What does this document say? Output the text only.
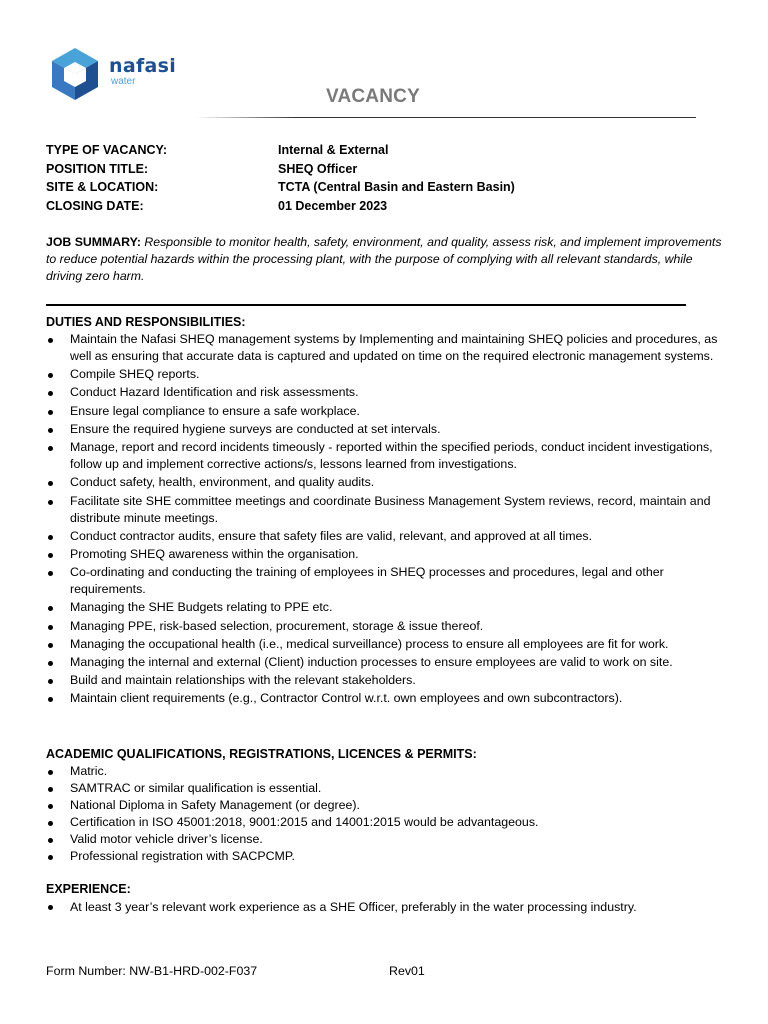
nafasi
water
VACANCY
TYPE OF VACANCY:	Internal & External
POSITION TITLE:	SHEQ Officer
SITE & LOCATION:	TCTA (Central Basin and Eastern Basin)
CLOSING DATE:	01 December 2023
JOB SUMMARY: Responsible to monitor health, safety, environment, and quality, assess risk, and implement improvements to reduce potential hazards within the processing plant, with the purpose of complying with all relevant standards, while driving zero harm.
DUTIES AND RESPONSIBILITIES:
Maintain the Nafasi SHEQ management systems by Implementing and maintaining SHEQ policies and procedures, as well as ensuring that accurate data is captured and updated on time on the required electronic management systems.
Compile SHEQ reports.
Conduct Hazard Identification and risk assessments.
Ensure legal compliance to ensure a safe workplace.
Ensure the required hygiene surveys are conducted at set intervals.
Manage, report and record incidents timeously - reported within the specified periods, conduct incident investigations, follow up and implement corrective actions/s, lessons learned from investigations.
Conduct safety, health, environment, and quality audits.
Facilitate site SHE committee meetings and coordinate Business Management System reviews, record, maintain and distribute minute meetings.
Conduct contractor audits, ensure that safety files are valid, relevant, and approved at all times.
Promoting SHEQ awareness within the organisation.
Co-ordinating and conducting the training of employees in SHEQ processes and procedures, legal and other requirements.
Managing the SHE Budgets relating to PPE etc.
Managing PPE, risk-based selection, procurement, storage & issue thereof.
Managing the occupational health (i.e., medical surveillance) process to ensure all employees are fit for work.
Managing the internal and external (Client) induction processes to ensure employees are valid to work on site.
Build and maintain relationships with the relevant stakeholders.
Maintain client requirements (e.g., Contractor Control w.r.t. own employees and own subcontractors).
ACADEMIC QUALIFICATIONS, REGISTRATIONS, LICENCES & PERMITS:
Matric.
SAMTRAC or similar qualification is essential.
National Diploma in Safety Management (or degree).
Certification in ISO 45001:2018, 9001:2015 and 14001:2015 would be advantageous.
Valid motor vehicle driver’s license.
Professional registration with SACPCMP.
EXPERIENCE:
At least 3 year’s relevant work experience as a SHE Officer, preferably in the water processing industry.
Form Number: NW-B1-HRD-002-F037	Rev01
